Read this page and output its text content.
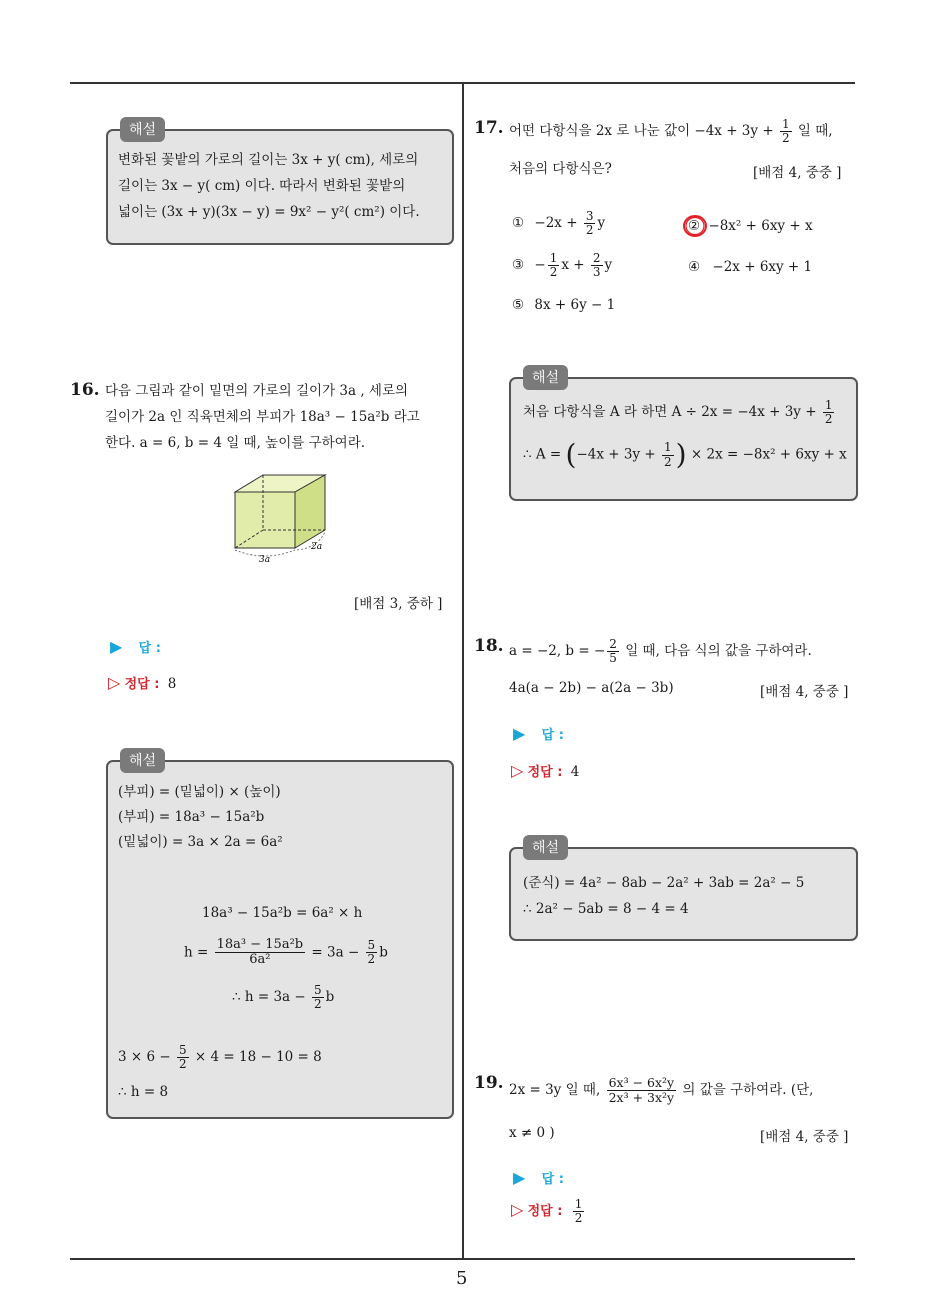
5
해설
변화된 꽃밭의 가로의 길이는 3x + y( cm), 세로의
길이는 3x − y( cm) 이다. 따라서 변화된 꽃밭의
넓이는 (3x + y)(3x − y) = 9x² − y²( cm²) 이다.
16. 다음 그림과 같이 밑면의 가로의 길이가 3a , 세로의
길이가 2a 인 직육면체의 부피가 18a³ − 15a²b 라고
한다. a = 6, b = 4 일 때, 높이를 구하여라.
3a
2a
[배점 3, 중하 ]
▶ 답 :
▷ 정답 : 8
해설
(부피) = (밑넓이) × (높이)
(부피) = 18a³ − 15a²b
(밑넓이) = 3a × 2a = 6a²
18a³ − 15a²b = 6a² × h
$h = \frac{\text{18a³ − 15a²b}}{\text{6a²}} = 3a - \frac{5}{2}$ b
∴ $h = 3a - \frac{5}{2}$ b
$3 \times 6 - \frac{5}{2} \times 4 = 18 - 10 = 8$
∴ h = 8
17. 어떤 다항식을 2x 로 나눈 값이 $-4x + 3y + \frac{1}{2}$ 일 때,
처음의 다항식은?	[배점 4, 중중 ]
① $-2x + \frac{3}{2}$ y	② −8x² + 6xy + x
③ − $\frac{1}{2}$ $x + \frac{2}{3}$ y	④ −2x + 6xy + 1
⑤ 8x + 6y − 1
해설
처음 다항식을 A 라 하면 $A \div 2x = -4x + 3y + \frac{1}{2}$
∴ $A = (-4x + 3y + \frac{1}{2}$ ) × 2x = −8x² + 6xy + x
18. a = −2, b = − $\frac{2}{5}$ 일 때, 다음 식의 값을 구하여라.
4a(a − 2b) − a(2a − 3b)	[배점 4, 중중 ]
▶ 답 :
▷ 정답 : 4
해설
(준식) = 4a² − 8ab − 2a² + 3ab = 2a² − 5
∴ 2a² − 5ab = 8 − 4 = 4
19. 2x = 3y 일 때, $\frac{\text{6x³ − 6x²y}}{\text{2x³ + 3x²y}}$ 의 값을 구하여라. (단,
x ≠ 0 )	[배점 4, 중중 ]
▶ 답 :
▷ 정답 : $\frac{1}{2}$
